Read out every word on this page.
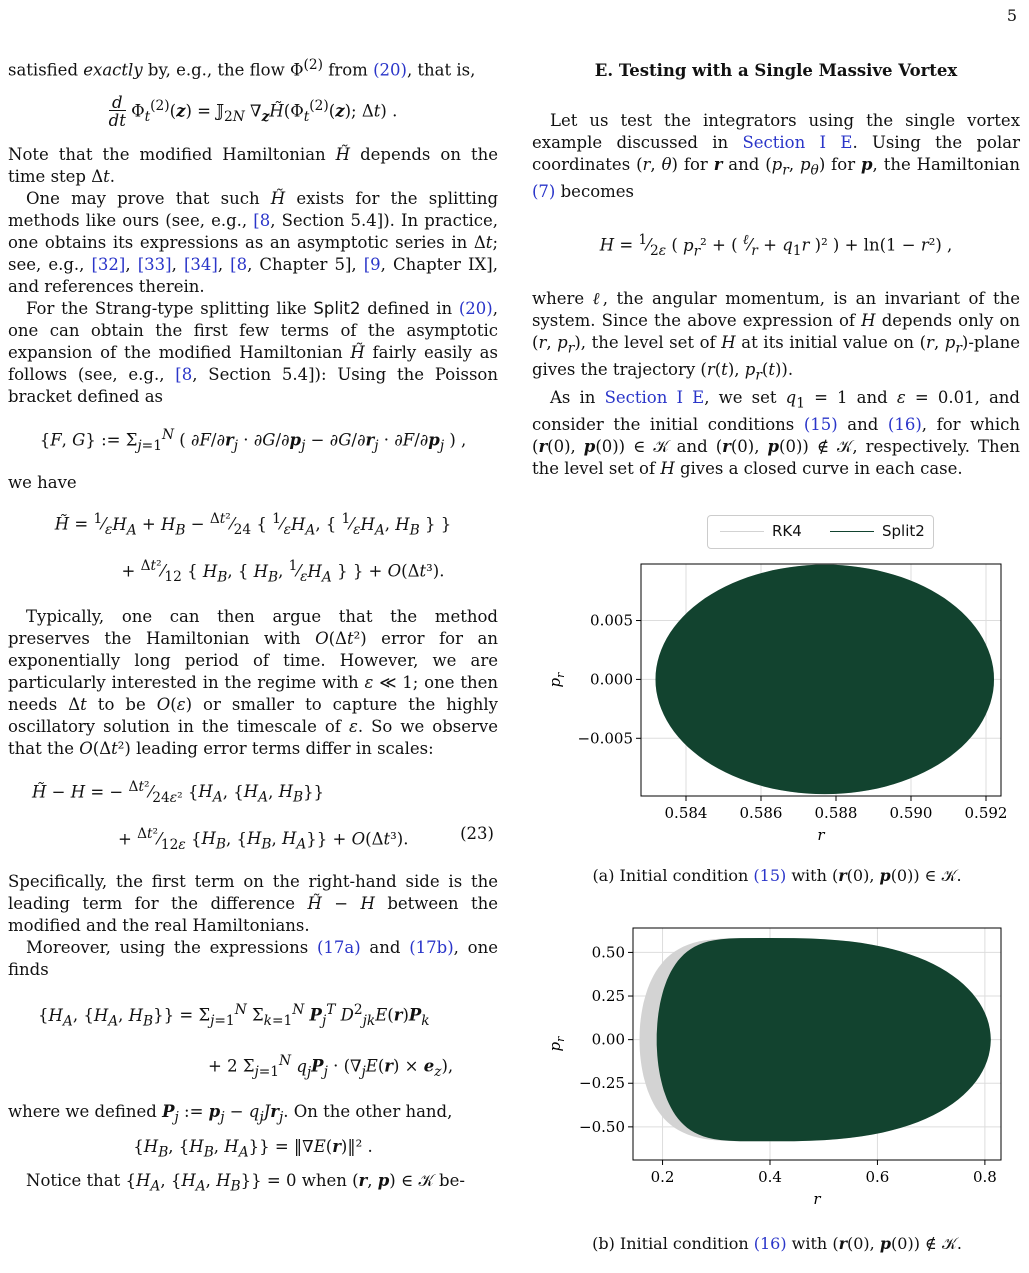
5

satisfied exactly by, e.g., the flow $\Phi^{(2)}$ from (20), that is,

$\frac{d}{dt} \Phi_t^{(2)}(z)$ = 𝕁$_{2N}$ $\nabla_zH̃(\Phi_t^{(2)}(z)$; Δt) .

Note that the modified Hamiltonian H̃ depends on the time step Δt.

One may prove that such H̃ exists for the splitting methods like ours (see, e.g., [8, Section 5.4]). In practice, one obtains its expressions as an asymptotic series in Δt; see, e.g., [32], [33], [34], [8, Chapter 5], [9, Chapter IX], and references therein.

For the Strang-type splitting like Split2 defined in (20), one can obtain the first few terms of the asymptotic expansion of the modified Hamiltonian H̃ fairly easily as follows (see, e.g., [8, Section 5.4]): Using the Poisson bracket defined as

{F, G} := $\Sigma_{j=1}^N$ ( $\partial F/\partial r_j \cdot \partial G/\partial p_j - \partial G/\partial r_j \cdot \partial F/\partial p_j$ ) ,

we have

H̃ = $^1⁄_\varepsilon H_A + H_B$ − $^{\Delta t^2}⁄_{24}$ { $^1⁄_\varepsilon H_A$, { $^1⁄_\varepsilon H_A$, $H_B$ } }
+ $^{\Delta t^2}⁄_{12}$ { $H_B$, { $H_B$, $^1⁄_\varepsilon H_A$ } } + O(Δt³).

Typically, one can then argue that the method preserves the Hamiltonian with O(Δt²) error for an exponentially long period of time. However, we are particularly interested in the regime with ε ≪ 1; one then needs Δt to be O(ε) or smaller to capture the highly oscillatory solution in the timescale of ε. So we observe that the O(Δt²) leading error terms differ in scales:

H̃ − H = − $^{\Delta t^2}⁄_{24\varepsilon^2}$ {$H_A$, {$H_A$, $H_B$}}
+ $^{\Delta t^2}⁄_{12\varepsilon}$ {$H_B$, {$H_B$, $H_A\}\} + O(\Delta t^3)$.	(23)

Specifically, the first term on the right-hand side is the leading term for the difference H̃ − H between the modified and the real Hamiltonians.

Moreover, using the expressions (17a) and (17b), one finds

{$H_A$, {$H_A$, $H_B\}\} = \Sigma_{j=1}^N$ $\Sigma_{k=1}^N$ $P_j^T$ $D^2_{jk}E(r)P_k$
+ 2 $\Sigma_{j=1}^N$ $q_jP_j \cdot (\nabla_jE(r) \times e_z)$,

where we defined $P_j$ := $p_j - q_jJr_j$. On the other hand,

{$H_B$, {$H_B$, $H_A$}} = ‖∇E(r)‖² .

Notice that {$H_A$, {$H_A$, $H_B\}\} = 0$ when (r, p) ∈ 𝒦 be-

E. Testing with a Single Massive Vortex

Let us test the integrators using the single vortex example discussed in Section I E. Using the polar coordinates (r, θ) for r and ($p_r$, $p_\theta$) for p, the Hamiltonian (7) becomes

$H = ^1⁄_{2\varepsilon}$ ( $p_r^2$ + ( $^\ell⁄_r + q_1r$ )² ) + ln(1 − r²) ,

where ℓ, the angular momentum, is an invariant of the system. Since the above expression of H depends only on (r, $p_r$), the level set of H at its initial value on (r, $p_r$)-plane gives the trajectory (r(t), $p_r(t)$).

As in Section I E, we set $q_1 = 1$ and ε = 0.01, and consider the initial conditions (15) and (16), for which (r(0), p(0)) ∈ 𝒦 and (r(0), p(0)) ∉ 𝒦, respectively. Then the level set of H gives a closed curve in each case.

RK4	Split2
0.584 0.586 0.588 0.590 0.592
0.005
0.000
−0.005
r
$p_r$
(a) Initial condition (15) with (r(0), p(0)) ∈ 𝒦.
0.2	0.4	0.6	0.8
0.50
0.25
0.00
−0.25
−0.50
r
$p_r$
(b) Initial condition (16) with (r(0), p(0)) ∉ 𝒦.
